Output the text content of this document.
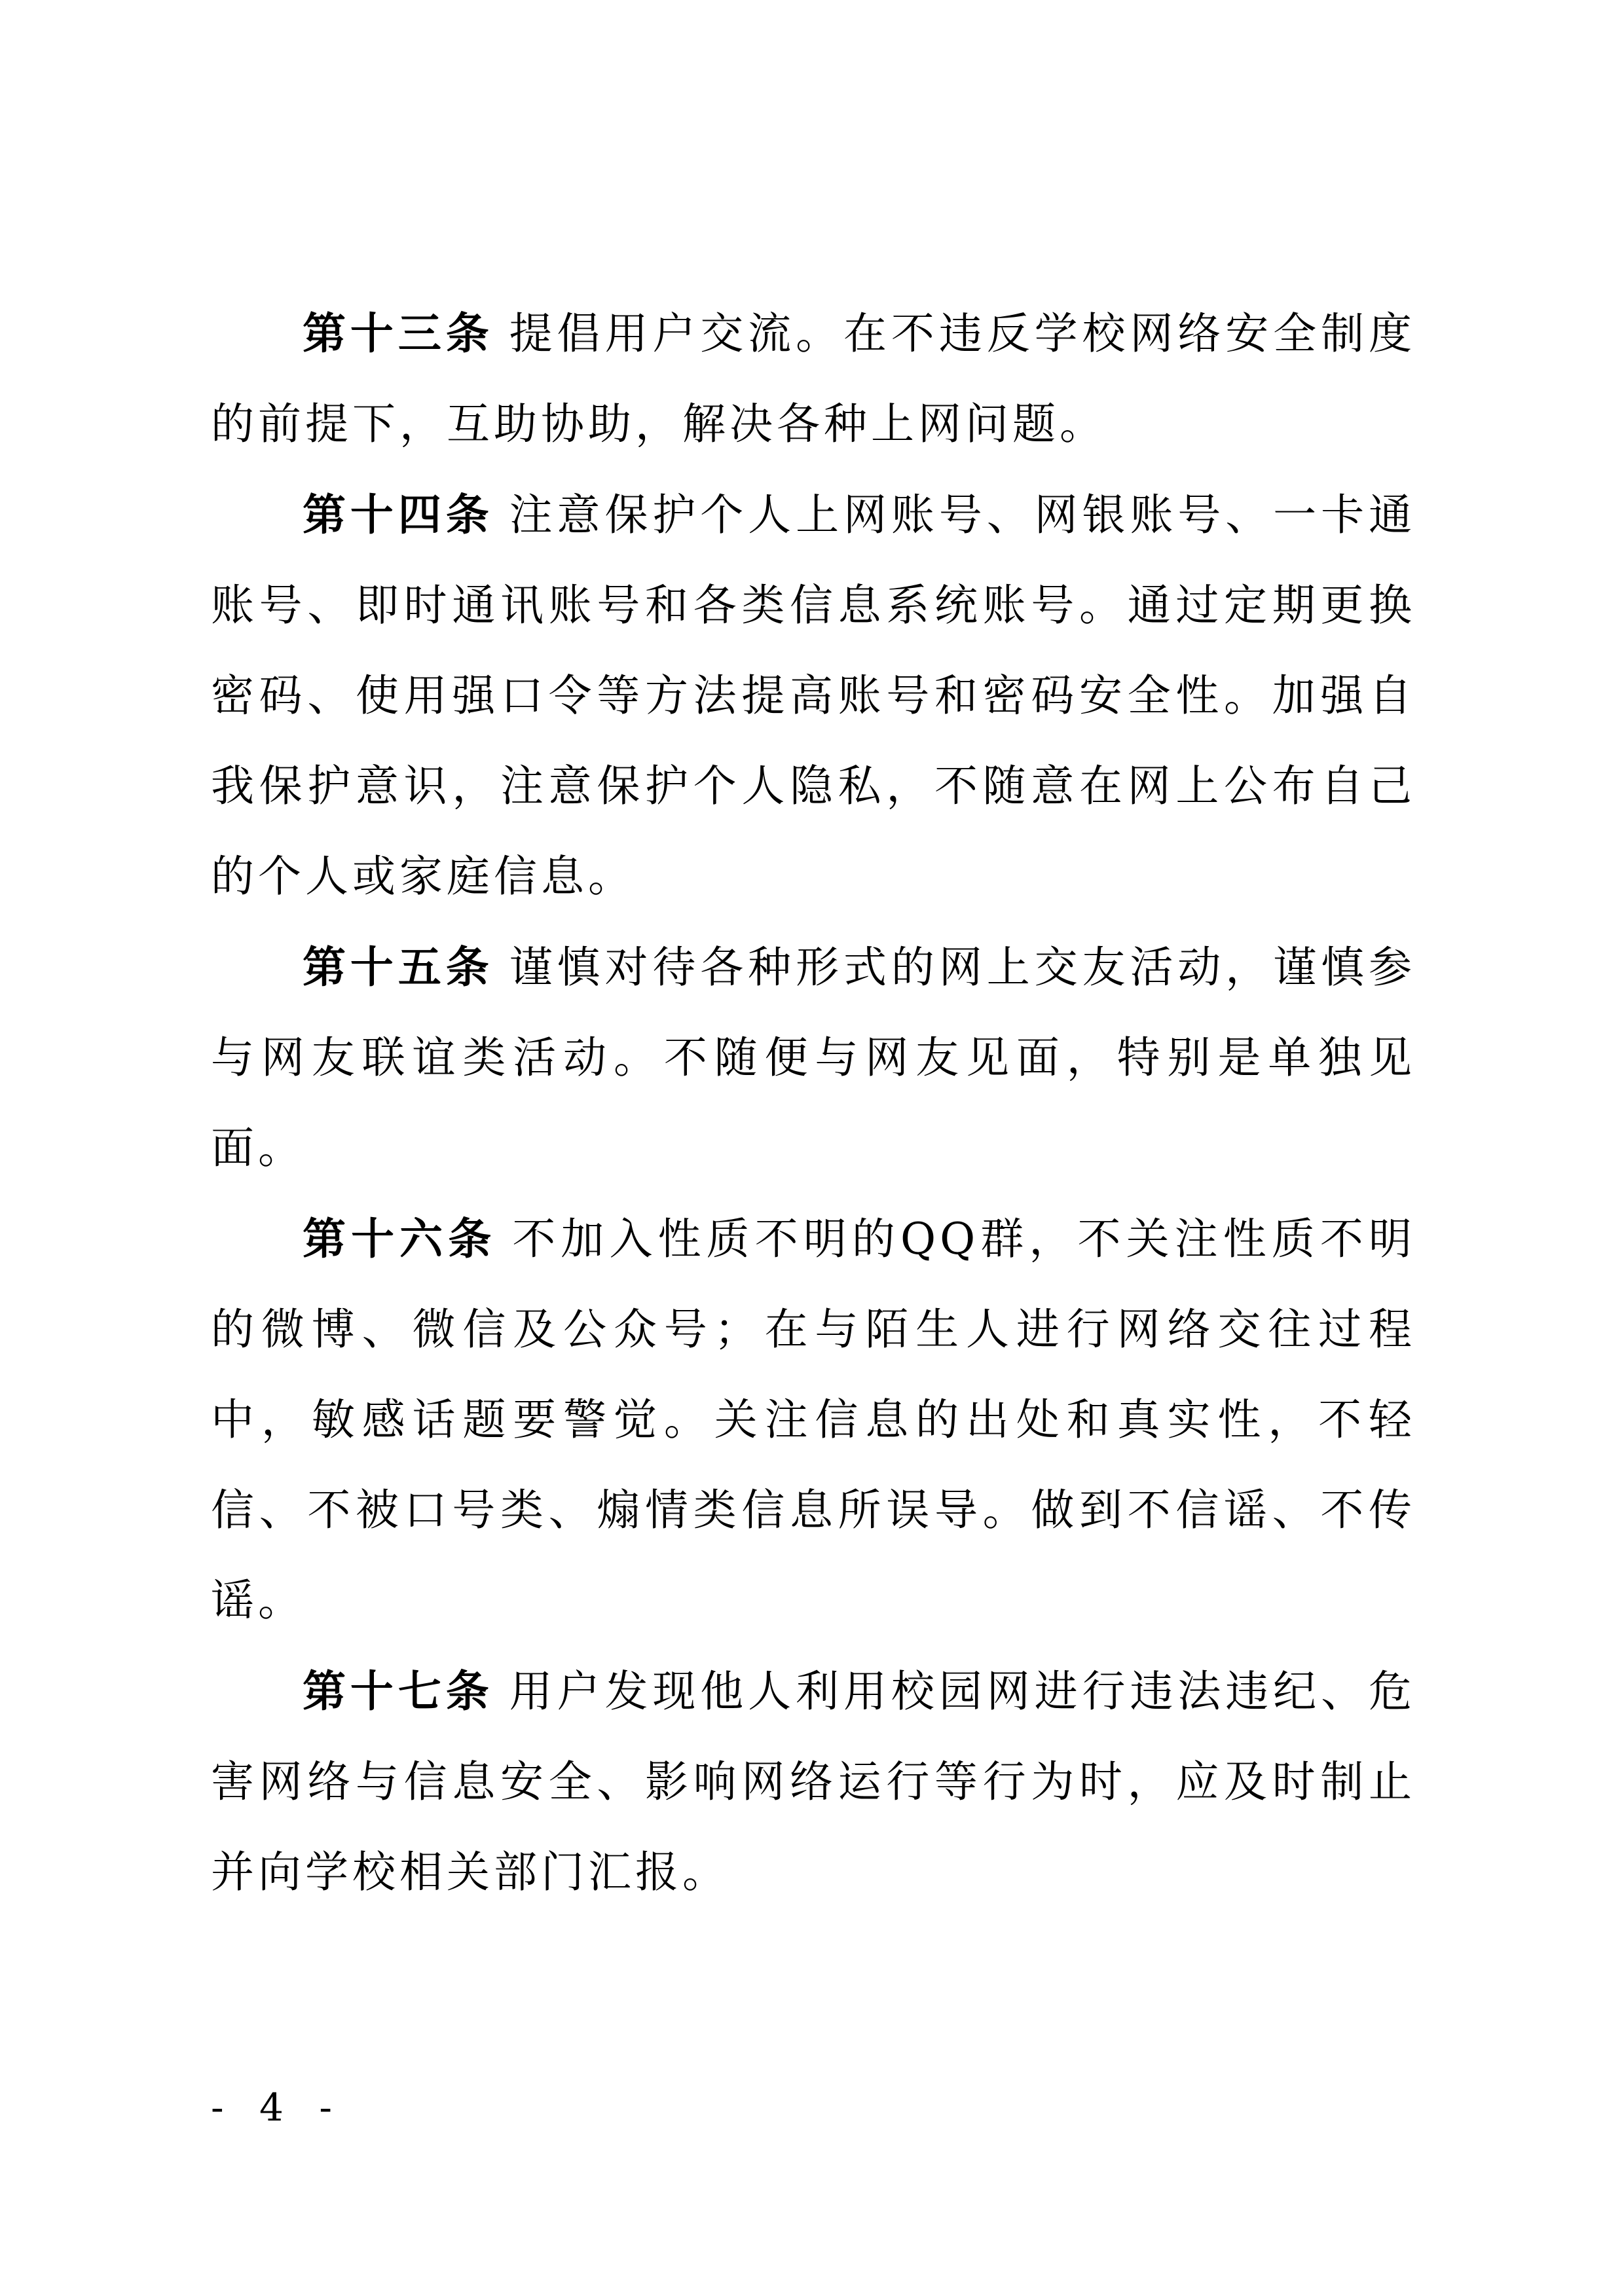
第十三条 提倡用户交流。在不违反学校网络安全制度的前提下，互助协助，解决各种上网问题。

第十四条 注意保护个人上网账号、网银账号、一卡通账号、即时通讯账号和各类信息系统账号。通过定期更换密码、使用强口令等方法提高账号和密码安全性。加强自我保护意识，注意保护个人隐私，不随意在网上公布自己的个人或家庭信息。

第十五条 谨慎对待各种形式的网上交友活动，谨慎参与网友联谊类活动。不随便与网友见面，特别是单独见面。

第十六条 不加入性质不明的QQ群，不关注性质不明的微博、微信及公众号；在与陌生人进行网络交往过程中，敏感话题要警觉。关注信息的出处和真实性，不轻信、不被口号类、煽情类信息所误导。做到不信谣、不传谣。

第十七条 用户发现他人利用校园网进行违法违纪、危害网络与信息安全、影响网络运行等行为时，应及时制止并向学校相关部门汇报。

- 4 -
